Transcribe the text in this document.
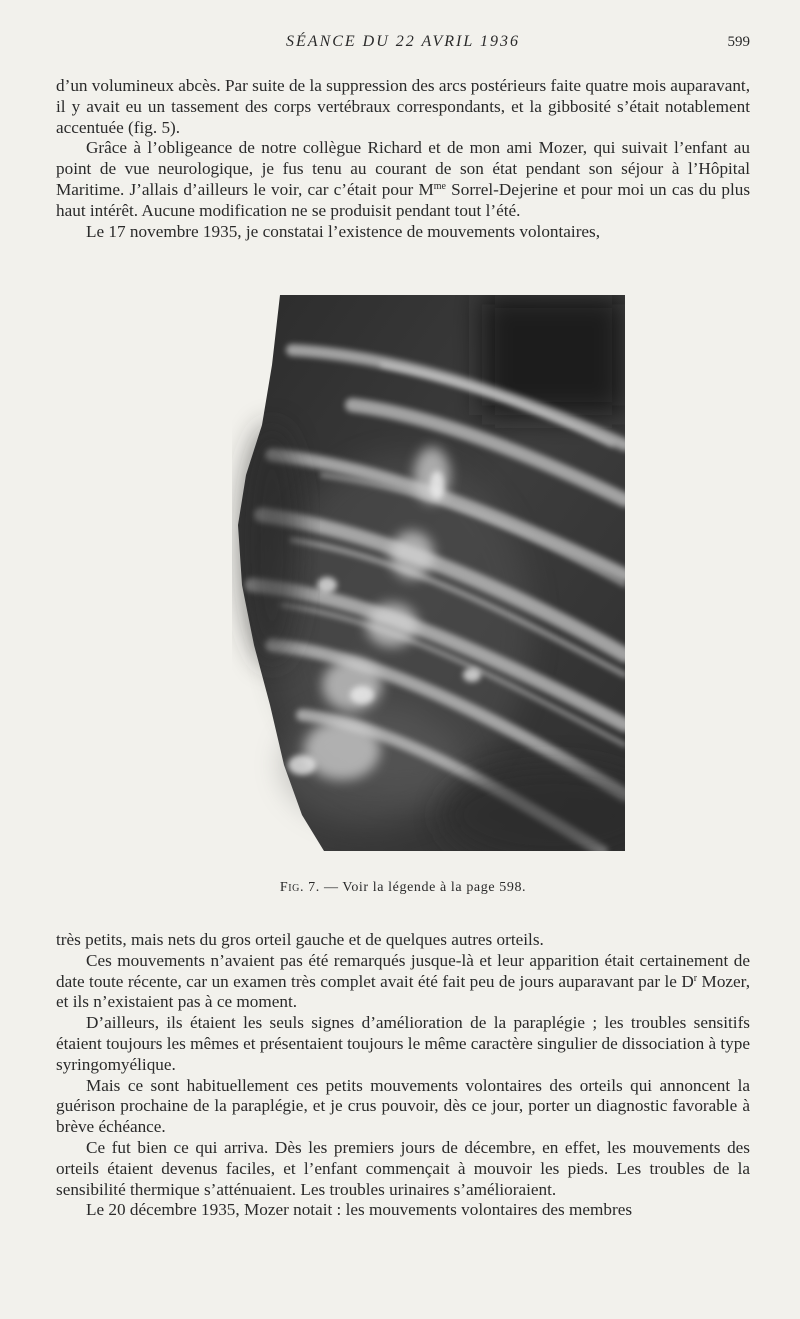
SÉANCE DU 22 AVRIL 1936	599

d’un volumineux abcès. Par suite de la suppression des arcs postérieurs faite quatre mois auparavant, il y avait eu un tassement des corps vertébraux correspondants, et la gibbosité s’était notablement accentuée (fig. 5).

Grâce à l’obligeance de notre collègue Richard et de mon ami Mozer, qui suivait l’enfant au point de vue neurologique, je fus tenu au courant de son état pendant son séjour à l’Hôpital Maritime. J’allais d’ailleurs le voir, car c’était pour $M^{me}$ Sorrel-Dejerine et pour moi un cas du plus haut intérêt. Aucune modification ne se produisit pendant tout l’été.

Le 17 novembre 1935, je constatai l’existence de mouvements volontaires,

Fig. 7. — Voir la légende à la page 598.

très petits, mais nets du gros orteil gauche et de quelques autres orteils.

Ces mouvements n’avaient pas été remarqués jusque-là et leur apparition était certainement de date toute récente, car un examen très complet avait été fait peu de jours auparavant par le $D^r$ Mozer, et ils n’existaient pas à ce moment.

D’ailleurs, ils étaient les seuls signes d’amélioration de la paraplégie ; les troubles sensitifs étaient toujours les mêmes et présentaient toujours le même caractère singulier de dissociation à type syringomyélique.

Mais ce sont habituellement ces petits mouvements volontaires des orteils qui annoncent la guérison prochaine de la paraplégie, et je crus pouvoir, dès ce jour, porter un diagnostic favorable à brève échéance.

Ce fut bien ce qui arriva. Dès les premiers jours de décembre, en effet, les mouvements des orteils étaient devenus faciles, et l’enfant commençait à mouvoir les pieds. Les troubles de la sensibilité thermique s’atténuaient. Les troubles urinaires s’amélioraient.

Le 20 décembre 1935, Mozer notait : les mouvements volontaires des membres
